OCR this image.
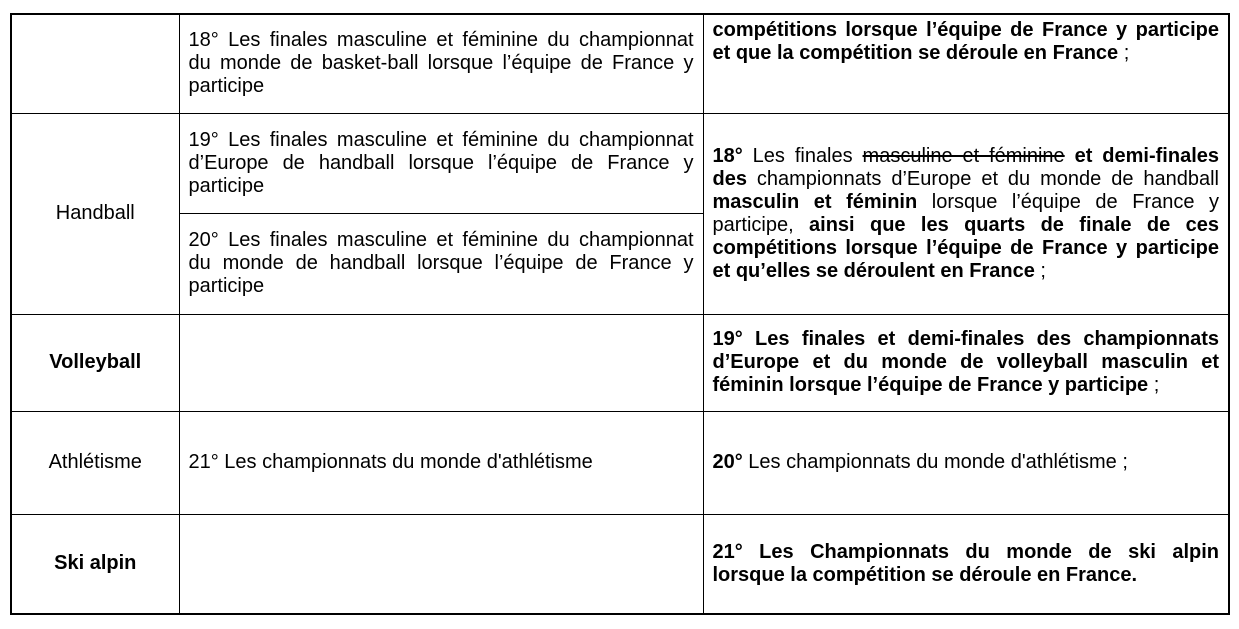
	18° Les finales masculine et féminine du championnat du monde de basket-ball lorsque l’équipe de France y participe	compétitions lorsque l’équipe de France y participe et que la compétition se déroule en France ;
Handball	19° Les finales masculine et féminine du championnat d’Europe de handball lorsque l’équipe de France y participe	18° Les finales masculine et féminine et demi-finales des championnats d’Europe et du monde de handball masculin et féminin lorsque l’équipe de France y participe, ainsi que les quarts de finale de ces compétitions lorsque l’équipe de France y participe et qu’elles se déroulent en France ;
	20° Les finales masculine et féminine du championnat du monde de handball lorsque l’équipe de France y participe	
Volleyball		19° Les finales et demi-finales des championnats d’Europe et du monde de volleyball masculin et féminin lorsque l’équipe de France y participe ;
Athlétisme	21° Les championnats du monde d'athlétisme	20° Les championnats du monde d'athlétisme ;
Ski alpin		21° Les Championnats du monde de ski alpin lorsque la compétition se déroule en France.
